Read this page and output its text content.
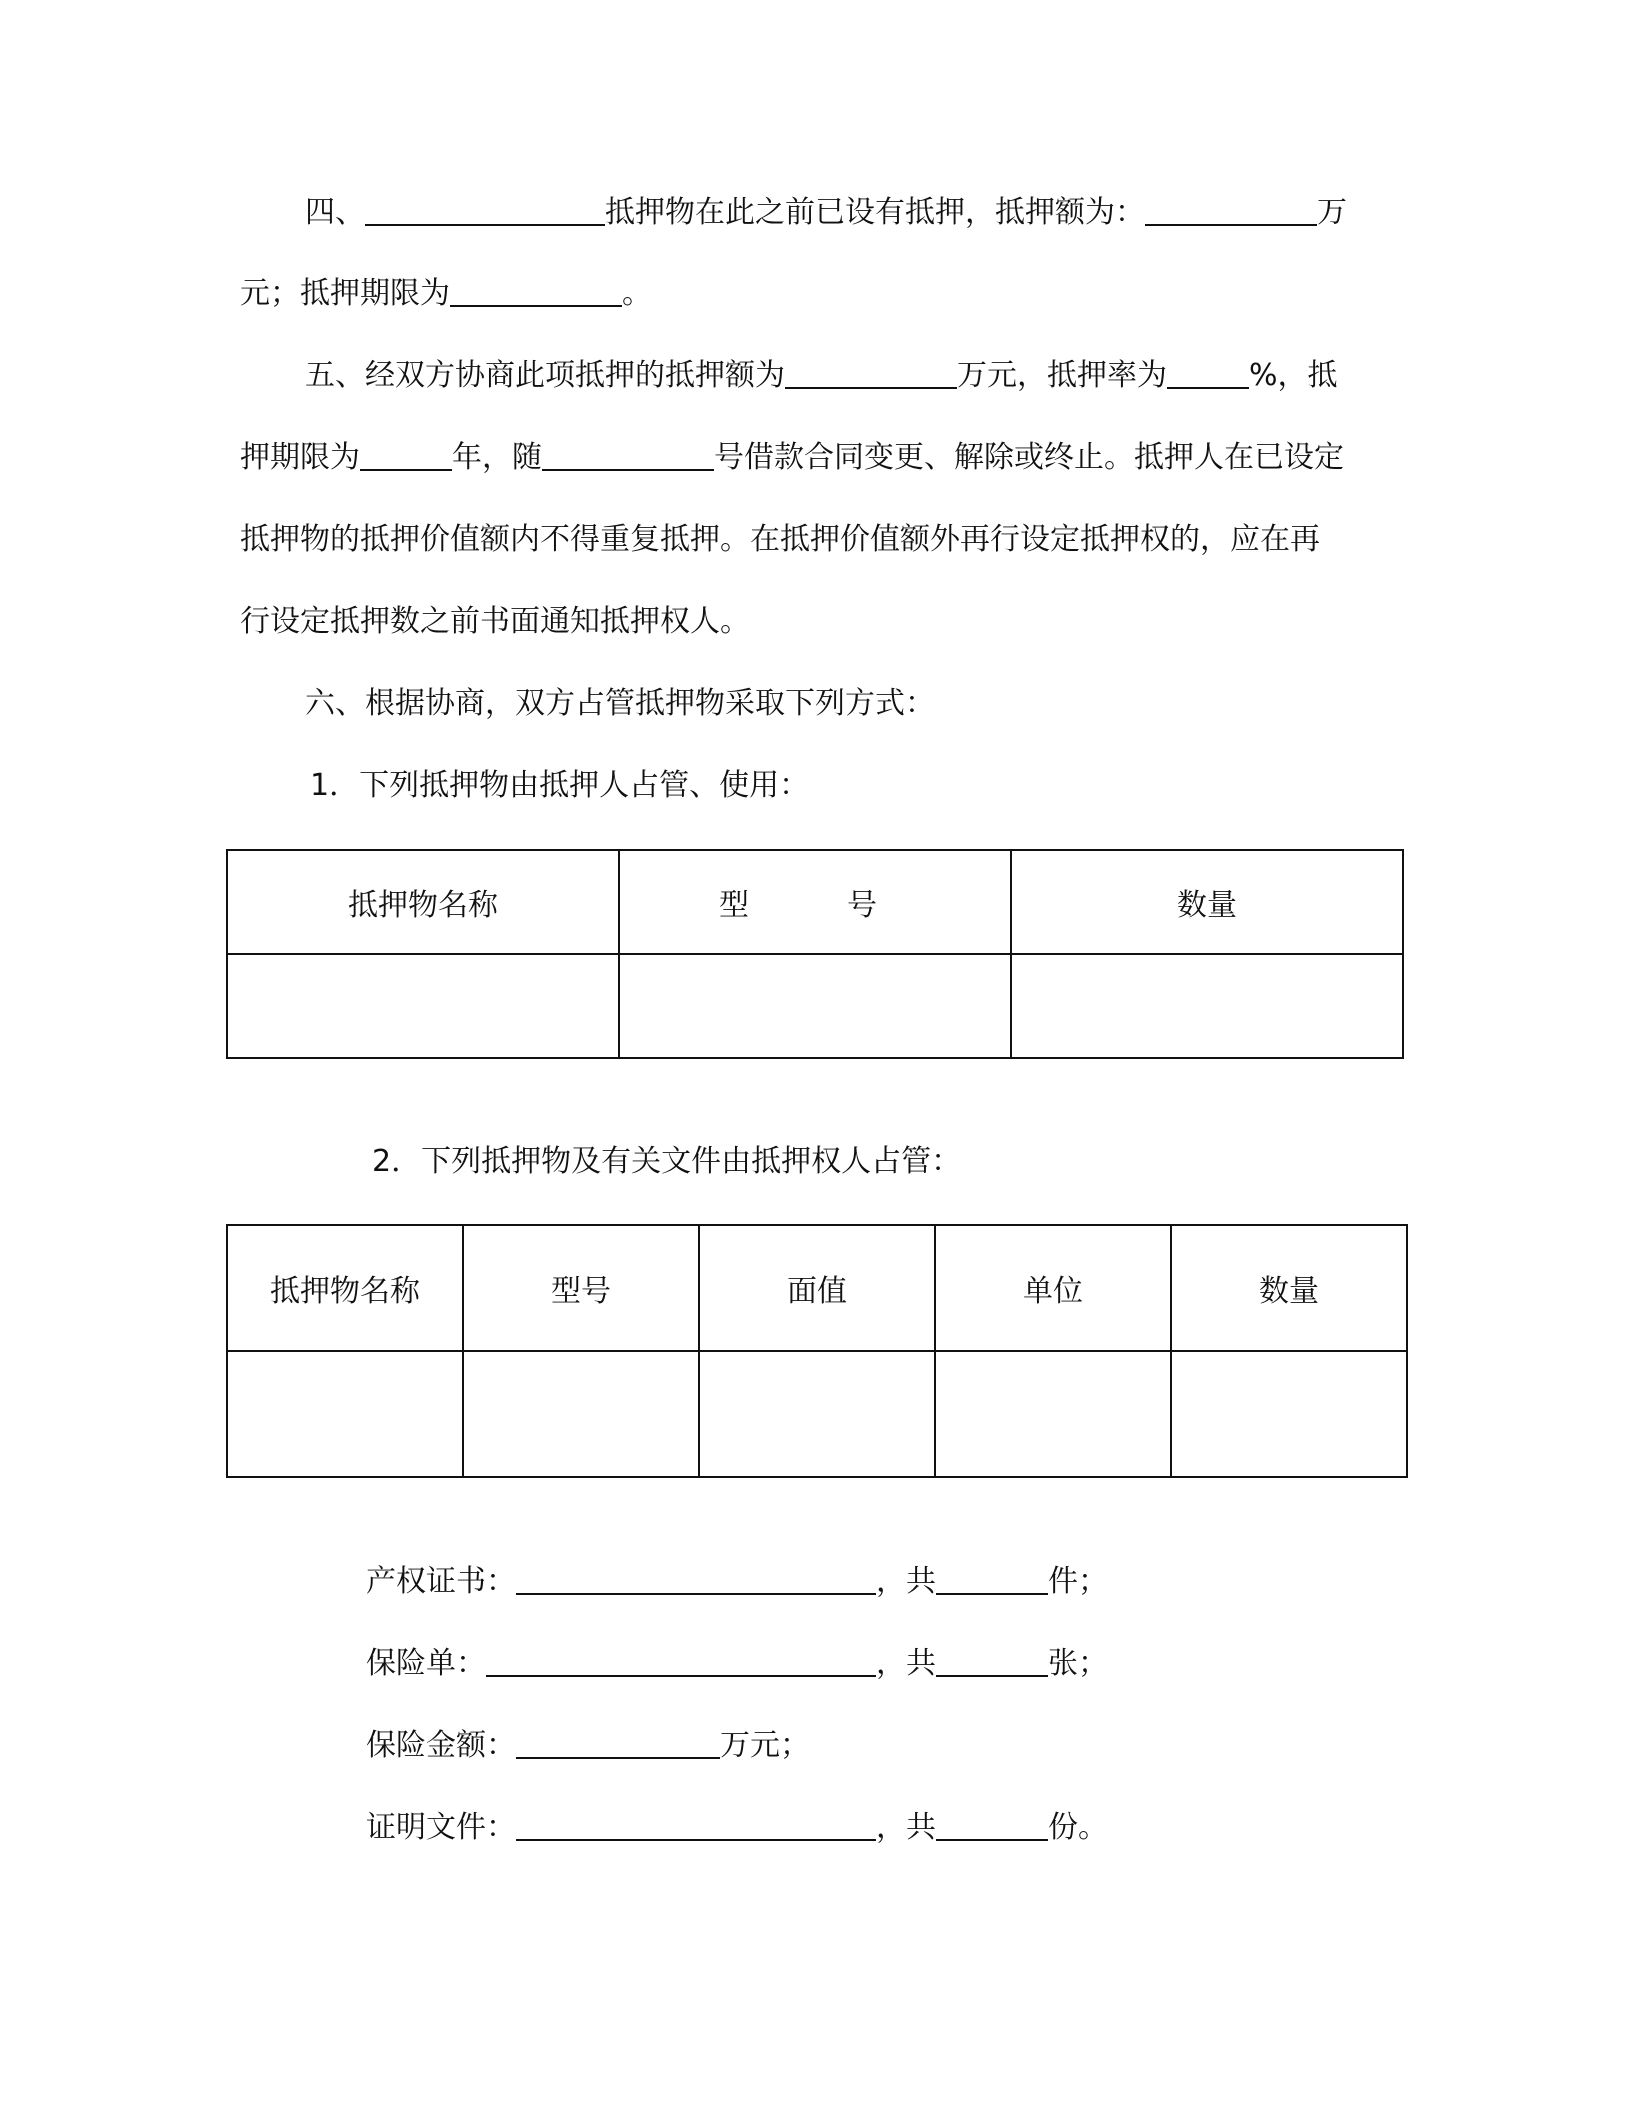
四、	抵押物在此之前已设有抵押，抵押额为：	万
元；抵押期限为	。
五、经双方协商此项抵押的抵押额为	万元，抵押率为	%，抵
押期限为	年，随	号借款合同变更、解除或终止。抵押人在已设定
抵押物的抵押价值额内不得重复抵押。在抵押价值额外再行设定抵押权的，应在再
行设定抵押数之前书面通知抵押权人。
六、根据协商，双方占管抵押物采取下列方式：
1．下列抵押物由抵押人占管、使用：
抵押物名称	型　号	数量

2．下列抵押物及有关文件由抵押权人占管：
抵押物名称	型号	面值	单位	数量

产权证书：	，共	件；
保险单：	，共	张；
保险金额：	万元；
证明文件：	，共	份。
